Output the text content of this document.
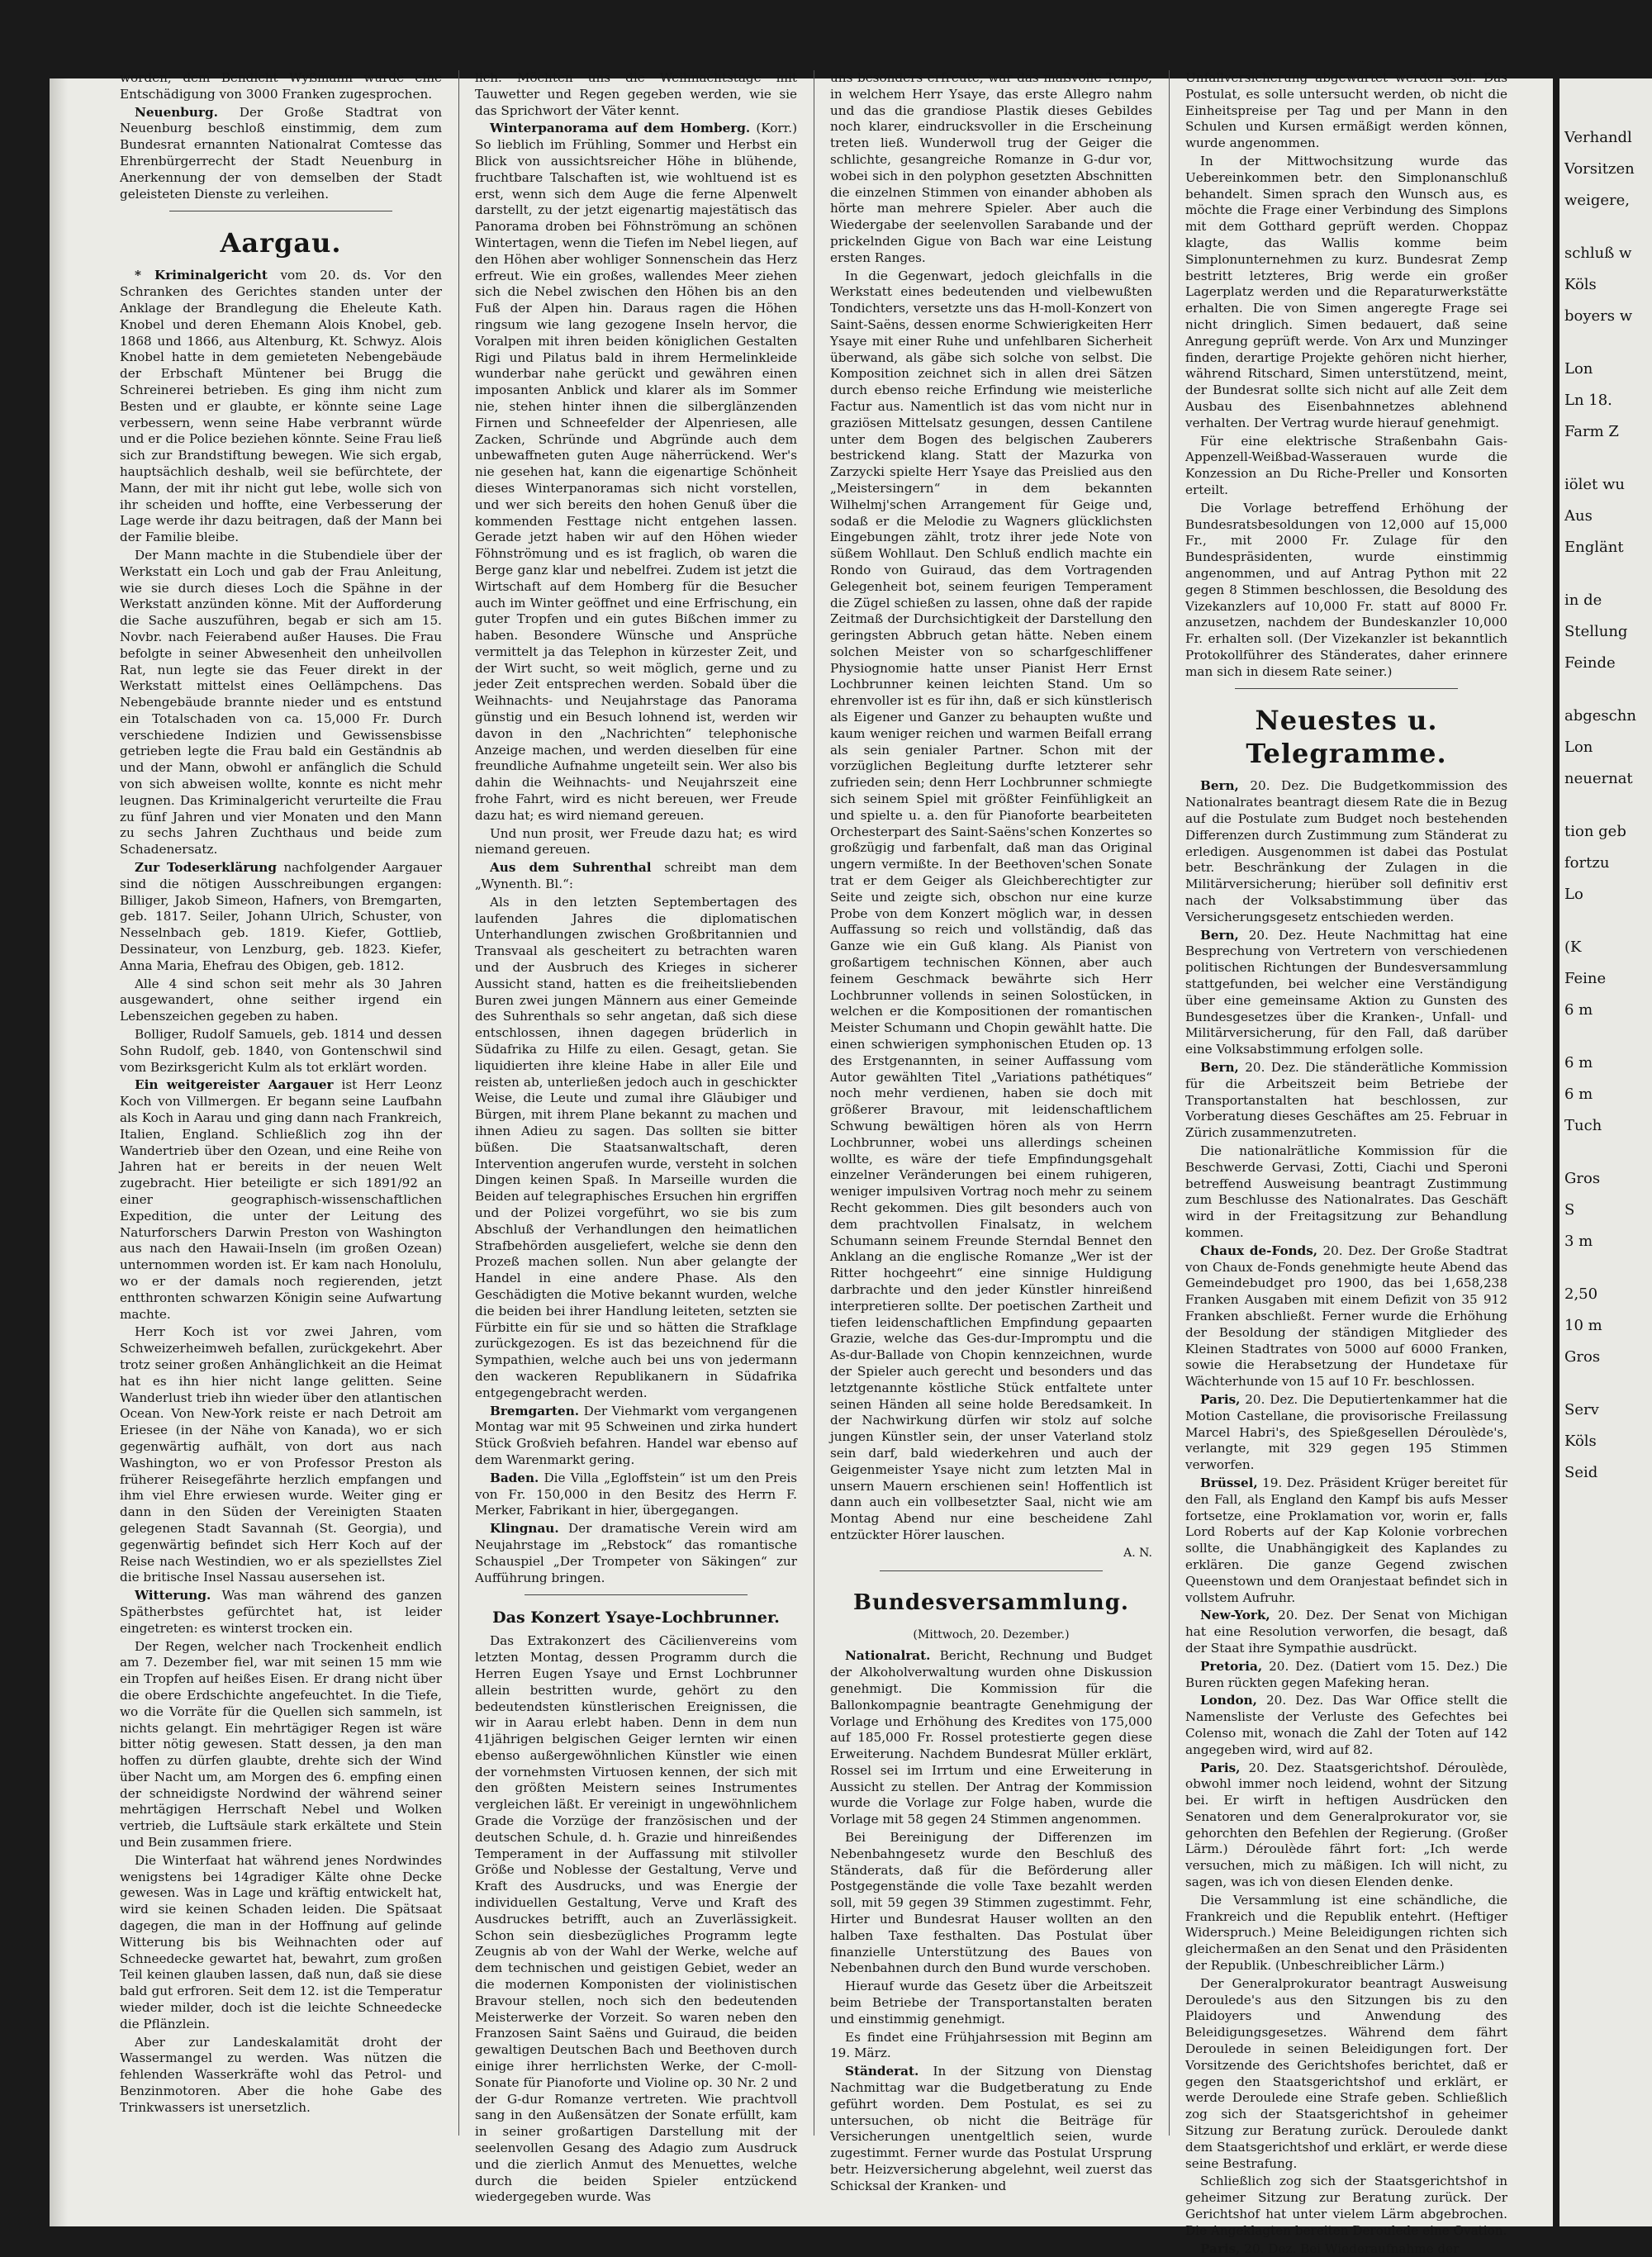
worden; dem Bendicht Wyßmann wurde eine Entschädigung von 3000 Franken zugesprochen.

Neuenburg. Der Große Stadtrat von Neuenburg beschloß einstimmig, dem zum Bundesrat ernannten Nationalrat Comtesse das Ehrenbürgerrecht der Stadt Neuenburg in Anerkennung der von demselben der Stadt geleisteten Dienste zu verleihen.

Aargau.

* Kriminalgericht vom 20. ds. Vor den Schranken des Gerichtes standen unter der Anklage der Brandlegung die Eheleute Kath. Knobel und deren Ehemann Alois Knobel, geb. 1868 und 1866, aus Altenburg, Kt. Schwyz. Alois Knobel hatte in dem gemieteten Nebengebäude der Erbschaft Müntener bei Brugg die Schreinerei betrieben. Es ging ihm nicht zum Besten und er glaubte, er könnte seine Lage verbessern, wenn seine Habe verbrannt würde und er die Police beziehen könnte. Seine Frau ließ sich zur Brandstiftung bewegen. Wie sich ergab, hauptsächlich deshalb, weil sie befürchtete, der Mann, der mit ihr nicht gut lebe, wolle sich von ihr scheiden und hoffte, eine Verbesserung der Lage werde ihr dazu beitragen, daß der Mann bei der Familie bleibe.

Der Mann machte in die Stubendiele über der Werkstatt ein Loch und gab der Frau Anleitung, wie sie durch dieses Loch die Spähne in der Werkstatt anzünden könne. Mit der Aufforderung die Sache auszuführen, begab er sich am 15. Novbr. nach Feierabend außer Hauses. Die Frau befolgte in seiner Abwesenheit den unheilvollen Rat, nun legte sie das Feuer direkt in der Werkstatt mittelst eines Oellämpchens. Das Nebengebäude brannte nieder und es entstund ein Totalschaden von ca. 15,000 Fr. Durch verschiedene Indizien und Gewissensbisse getrieben legte die Frau bald ein Geständnis ab und der Mann, obwohl er anfänglich die Schuld von sich abweisen wollte, konnte es nicht mehr leugnen. Das Kriminalgericht verurteilte die Frau zu fünf Jahren und vier Monaten und den Mann zu sechs Jahren Zuchthaus und beide zum Schadenersatz.

Zur Todeserklärung nachfolgender Aargauer sind die nötigen Ausschreibungen ergangen: Billiger, Jakob Simeon, Hafners, von Bremgarten, geb. 1817. Seiler, Johann Ulrich, Schuster, von Nesselnbach geb. 1819. Kiefer, Gottlieb, Dessinateur, von Lenzburg, geb. 1823. Kiefer, Anna Maria, Ehefrau des Obigen, geb. 1812.

Alle 4 sind schon seit mehr als 30 Jahren ausgewandert, ohne seither irgend ein Lebenszeichen gegeben zu haben.

Bolliger, Rudolf Samuels, geb. 1814 und dessen Sohn Rudolf, geb. 1840, von Gontenschwil sind vom Bezirksgericht Kulm als tot erklärt worden.

Ein weitgereister Aargauer ist Herr Leonz Koch von Villmergen. Er begann seine Laufbahn als Koch in Aarau und ging dann nach Frankreich, Italien, England. Schließlich zog ihn der Wandertrieb über den Ozean, und eine Reihe von Jahren hat er bereits in der neuen Welt zugebracht. Hier beteiligte er sich 1891/92 an einer geographisch-wissenschaftlichen Expedition, die unter der Leitung des Naturforschers Darwin Preston von Washington aus nach den Hawaii-Inseln (im großen Ozean) unternommen worden ist. Er kam nach Honolulu, wo er der damals noch regierenden, jetzt entthronten schwarzen Königin seine Aufwartung machte.

Herr Koch ist vor zwei Jahren, vom Schweizerheimweh befallen, zurückgekehrt. Aber trotz seiner großen Anhänglichkeit an die Heimat hat es ihn hier nicht lange gelitten. Seine Wanderlust trieb ihn wieder über den atlantischen Ocean. Von New-York reiste er nach Detroit am Eriesee (in der Nähe von Kanada), wo er sich gegenwärtig aufhält, von dort aus nach Washington, wo er von Professor Preston als früherer Reisegefährte herzlich empfangen und ihm viel Ehre erwiesen wurde. Weiter ging er dann in den Süden der Vereinigten Staaten gelegenen Stadt Savannah (St. Georgia), und gegenwärtig befindet sich Herr Koch auf der Reise nach Westindien, wo er als speziellstes Ziel die britische Insel Nassau ausersehen ist.

Witterung. Was man während des ganzen Spätherbstes gefürchtet hat, ist leider eingetreten: es winterst trocken ein.

Der Regen, welcher nach Trockenheit endlich am 7. Dezember fiel, war mit seinen 15 mm wie ein Tropfen auf heißes Eisen. Er drang nicht über die obere Erdschichte angefeuchtet. In die Tiefe, wo die Vorräte für die Quellen sich sammeln, ist nichts gelangt. Ein mehrtägiger Regen ist wäre bitter nötig gewesen. Statt dessen, ja den man hoffen zu dürfen glaubte, drehte sich der Wind über Nacht um, am Morgen des 6. empfing einen der schneidigste Nordwind der während seiner mehrtägigen Herrschaft Nebel und Wolken vertrieb, die Luftsäule stark erkältete und Stein und Bein zusammen friere.

Die Winterfaat hat während jenes Nordwindes wenigstens bei 14gradiger Kälte ohne Decke gewesen. Was in Lage und kräftig entwickelt hat, wird sie keinen Schaden leiden. Die Spätsaat dagegen, die man in der Hoffnung auf gelinde Witterung bis bis Weihnachten oder auf Schneedecke gewartet hat, bewahrt, zum großen Teil keinen glauben lassen, daß nun, daß sie diese bald gut erfroren. Seit dem 12. ist die Temperatur wieder milder, doch ist die leichte Schneedecke die Pflänzlein.

Aber zur Landeskalamität droht der Wassermangel zu werden. Was nützen die fehlenden Wasserkräfte wohl das Petrol- und Benzinmotoren. Aber die hohe Gabe des Trinkwassers ist unersetzlich.

lich. Möchten uns die Weihnachtstage mit Tauwetter und Regen gegeben werden, wie sie das Sprichwort der Väter kennt.

Winterpanorama auf dem Homberg. (Korr.) So lieblich im Frühling, Sommer und Herbst ein Blick von aussichtsreicher Höhe in blühende, fruchtbare Talschaften ist, wie wohltuend ist es erst, wenn sich dem Auge die ferne Alpenwelt darstellt, zu der jetzt eigenartig majestätisch das Panorama droben bei Föhnströmung an schönen Wintertagen, wenn die Tiefen im Nebel liegen, auf den Höhen aber wohliger Sonnenschein das Herz erfreut. Wie ein großes, wallendes Meer ziehen sich die Nebel zwischen den Höhen bis an den Fuß der Alpen hin. Daraus ragen die Höhen ringsum wie lang gezogene Inseln hervor, die Voralpen mit ihren beiden königlichen Gestalten Rigi und Pilatus bald in ihrem Hermelinkleide wunderbar nahe gerückt und gewähren einen imposanten Anblick und klarer als im Sommer nie, stehen hinter ihnen die silberglänzenden Firnen und Schneefelder der Alpenriesen, alle Zacken, Schründe und Abgründe auch dem unbewaffneten guten Auge näherrückend. Wer's nie gesehen hat, kann die eigenartige Schönheit dieses Winterpanoramas sich nicht vorstellen, und wer sich bereits den hohen Genuß über die kommenden Festtage nicht entgehen lassen. Gerade jetzt haben wir auf den Höhen wieder Föhnströmung und es ist fraglich, ob waren die Berge ganz klar und nebelfrei. Zudem ist jetzt die Wirtschaft auf dem Homberg für die Besucher auch im Winter geöffnet und eine Erfrischung, ein guter Tropfen und ein gutes Bißchen immer zu haben. Besondere Wünsche und Ansprüche vermittelt ja das Telephon in kürzester Zeit, und der Wirt sucht, so weit möglich, gerne und zu jeder Zeit entsprechen werden. Sobald über die Weihnachts- und Neujahrstage das Panorama günstig und ein Besuch lohnend ist, werden wir davon in den „Nachrichten“ telephonische Anzeige machen, und werden dieselben für eine freundliche Aufnahme ungeteilt sein. Wer also bis dahin die Weihnachts- und Neujahrszeit eine frohe Fahrt, wird es nicht bereuen, wer Freude dazu hat; es wird niemand gereuen.

Und nun prosit, wer Freude dazu hat; es wird niemand gereuen.

Aus dem Suhrenthal schreibt man dem „Wynenth. Bl.“:

Als in den letzten Septembertagen des laufenden Jahres die diplomatischen Unterhandlungen zwischen Großbritannien und Transvaal als gescheitert zu betrachten waren und der Ausbruch des Krieges in sicherer Aussicht stand, hatten es die freiheitsliebenden Buren zwei jungen Männern aus einer Gemeinde des Suhrenthals so sehr angetan, daß sich diese entschlossen, ihnen dagegen brüderlich in Südafrika zu Hilfe zu eilen. Gesagt, getan. Sie liquidierten ihre kleine Habe in aller Eile und reisten ab, unterließen jedoch auch in geschickter Weise, die Leute und zumal ihre Gläubiger und Bürgen, mit ihrem Plane bekannt zu machen und ihnen Adieu zu sagen. Das sollten sie bitter büßen. Die Staatsanwaltschaft, deren Intervention angerufen wurde, versteht in solchen Dingen keinen Spaß. In Marseille wurden die Beiden auf telegraphisches Ersuchen hin ergriffen und der Polizei vorgeführt, wo sie bis zum Abschluß der Verhandlungen den heimatlichen Strafbehörden ausgeliefert, welche sie denn den Prozeß machen sollen. Nun aber gelangte der Handel in eine andere Phase. Als den Geschädigten die Motive bekannt wurden, welche die beiden bei ihrer Handlung leiteten, setzten sie Fürbitte ein für sie und so hätten die Strafklage zurückgezogen. Es ist das bezeichnend für die Sympathien, welche auch bei uns von jedermann den wackeren Republikanern in Südafrika entgegengebracht werden.

Bremgarten. Der Viehmarkt vom vergangenen Montag war mit 95 Schweinen und zirka hundert Stück Großvieh befahren. Handel war ebenso auf dem Warenmarkt gering.

Baden. Die Villa „Egloffstein“ ist um den Preis von Fr. 150,000 in den Besitz des Herrn F. Merker, Fabrikant in hier, übergegangen.

Klingnau. Der dramatische Verein wird am Neujahrstage im „Rebstock“ das romantische Schauspiel „Der Trompeter von Säkingen“ zur Aufführung bringen.

Das Konzert Ysaye-Lochbrunner.

Das Extrakonzert des Cäcilienvereins vom letzten Montag, dessen Programm durch die Herren Eugen Ysaye und Ernst Lochbrunner allein bestritten wurde, gehört zu den bedeutendsten künstlerischen Ereignissen, die wir in Aarau erlebt haben. Denn in dem nun 41jährigen belgischen Geiger lernten wir einen ebenso außergewöhnlichen Künstler wie einen der vornehmsten Virtuosen kennen, der sich mit den größten Meistern seines Instrumentes vergleichen läßt. Er vereinigt in ungewöhnlichem Grade die Vorzüge der französischen und der deutschen Schule, d. h. Grazie und hinreißendes Temperament in der Auffassung mit stilvoller Größe und Noblesse der Gestaltung, Verve und Kraft des Ausdrucks, und was Energie der individuellen Gestaltung, Verve und Kraft des Ausdruckes betrifft, auch an Zuverlässigkeit. Schon sein diesbezügliches Programm legte Zeugnis ab von der Wahl der Werke, welche auf dem technischen und geistigen Gebiet, weder an die modernen Komponisten der violinistischen Bravour stellen, noch sich den bedeutenden Meisterwerke der Vorzeit. So waren neben den Franzosen Saint Saëns und Guiraud, die beiden gewaltigen Deutschen Bach und Beethoven durch einige ihrer herrlichsten Werke, der C-moll-Sonate für Pianoforte und Violine op. 30 Nr. 2 und der G-dur Romanze vertreten. Wie prachtvoll sang in den Außensätzen der Sonate erfüllt, kam in seiner großartigen Darstellung mit der seelenvollen Gesang des Adagio zum Ausdruck und die zierlich Anmut des Menuettes, welche durch die beiden Spieler entzückend wiedergegeben wurde. Was

uns besonders erfreute, war das maßvolle Tempo, in welchem Herr Ysaye, das erste Allegro nahm und das die grandiose Plastik dieses Gebildes noch klarer, eindrucksvoller in die Erscheinung treten ließ. Wunderwoll trug der Geiger die schlichte, gesangreiche Romanze in G-dur vor, wobei sich in den polyphon gesetzten Abschnitten die einzelnen Stimmen von einander abhoben als hörte man mehrere Spieler. Aber auch die Wiedergabe der seelenvollen Sarabande und der prickelnden Gigue von Bach war eine Leistung ersten Ranges.

In die Gegenwart, jedoch gleichfalls in die Werkstatt eines bedeutenden und vielbewußten Tondichters, versetzte uns das H-moll-Konzert von Saint-Saëns, dessen enorme Schwierigkeiten Herr Ysaye mit einer Ruhe und unfehlbaren Sicherheit überwand, als gäbe sich solche von selbst. Die Komposition zeichnet sich in allen drei Sätzen durch ebenso reiche Erfindung wie meisterliche Factur aus. Namentlich ist das vom nicht nur in graziösen Mittelsatz gesungen, dessen Cantilene unter dem Bogen des belgischen Zauberers bestrickend klang. Statt der Mazurka von Zarzycki spielte Herr Ysaye das Preislied aus den „Meistersingern“ in dem bekannten Wilhelmj'schen Arrangement für Geige und, sodaß er die Melodie zu Wagners glücklichsten Eingebungen zählt, trotz ihrer jede Note von süßem Wohllaut. Den Schluß endlich machte ein Rondo von Guiraud, das dem Vortragenden Gelegenheit bot, seinem feurigen Temperament die Zügel schießen zu lassen, ohne daß der rapide Zeitmaß der Durchsichtigkeit der Darstellung den geringsten Abbruch getan hätte. Neben einem solchen Meister von so scharfgeschliffener Physiognomie hatte unser Pianist Herr Ernst Lochbrunner keinen leichten Stand. Um so ehrenvoller ist es für ihn, daß er sich künstlerisch als Eigener und Ganzer zu behaupten wußte und kaum weniger reichen und warmen Beifall errang als sein genialer Partner. Schon mit der vorzüglichen Begleitung durfte letzterer sehr zufrieden sein; denn Herr Lochbrunner schmiegte sich seinem Spiel mit größter Feinfühligkeit an und spielte u. a. den für Pianoforte bearbeiteten Orchesterpart des Saint-Saëns'schen Konzertes so großzügig und farbenfalt, daß man das Original ungern vermißte. In der Beethoven'schen Sonate trat er dem Geiger als Gleichberechtigter zur Seite und zeigte sich, obschon nur eine kurze Probe von dem Konzert möglich war, in dessen Auffassung so reich und vollständig, daß das Ganze wie ein Guß klang. Als Pianist von großartigem technischen Können, aber auch feinem Geschmack bewährte sich Herr Lochbrunner vollends in seinen Solostücken, in welchen er die Kompositionen der romantischen Meister Schumann und Chopin gewählt hatte. Die einen schwierigen symphonischen Etuden op. 13 des Erstgenannten, in seiner Auffassung vom Autor gewählten Titel „Variations pathétiques“ noch mehr verdienen, haben sie doch mit größerer Bravour, mit leidenschaftlichem Schwung bewältigen hören als von Herrn Lochbrunner, wobei uns allerdings scheinen wollte, es wäre der tiefe Empfindungsgehalt einzelner Veränderungen bei einem ruhigeren, weniger impulsiven Vortrag noch mehr zu seinem Recht gekommen. Dies gilt besonders auch von dem prachtvollen Finalsatz, in welchem Schumann seinem Freunde Sterndal Bennet den Anklang an die englische Romanze „Wer ist der Ritter hochgeehrt“ eine sinnige Huldigung darbrachte und den jeder Künstler hinreißend interpretieren sollte. Der poetischen Zartheit und tiefen leidenschaftlichen Empfindung gepaarten Grazie, welche das Ges-dur-Impromptu und die As-dur-Ballade von Chopin kennzeichnen, wurde der Spieler auch gerecht und besonders und das letztgenannte köstliche Stück entfaltete unter seinen Händen all seine holde Beredsamkeit. In der Nachwirkung dürfen wir stolz auf solche jungen Künstler sein, der unser Vaterland stolz sein darf, bald wiederkehren und auch der Geigenmeister Ysaye nicht zum letzten Mal in unsern Mauern erschienen sein! Hoffentlich ist dann auch ein vollbesetzter Saal, nicht wie am Montag Abend nur eine bescheidene Zahl entzückter Hörer lauschen.

A. N.
Bundesversammlung.
(Mittwoch, 20. Dezember.)

Nationalrat. Bericht, Rechnung und Budget der Alkoholverwaltung wurden ohne Diskussion genehmigt. Die Kommission für die Ballonkompagnie beantragte Genehmigung der Vorlage und Erhöhung des Kredites von 175,000 auf 185,000 Fr. Rossel protestierte gegen diese Erweiterung. Nachdem Bundesrat Müller erklärt, Rossel sei im Irrtum und eine Erweiterung in Aussicht zu stellen. Der Antrag der Kommission wurde die Vorlage zur Folge haben, wurde die Vorlage mit 58 gegen 24 Stimmen angenommen.

Bei Bereinigung der Differenzen im Nebenbahngesetz wurde den Beschluß des Ständerats, daß für die Beförderung aller Postgegenstände die volle Taxe bezahlt werden soll, mit 59 gegen 39 Stimmen zugestimmt. Fehr, Hirter und Bundesrat Hauser wollten an den halben Taxe festhalten. Das Postulat über finanzielle Unterstützung des Baues von Nebenbahnen durch den Bund wurde verschoben.

Hierauf wurde das Gesetz über die Arbeitszeit beim Betriebe der Transportanstalten beraten und einstimmig genehmigt.

Es findet eine Frühjahrsession mit Beginn am 19. März.

Ständerat. In der Sitzung von Dienstag Nachmittag war die Budgetberatung zu Ende geführt worden. Dem Postulat, es sei zu untersuchen, ob nicht die Beiträge für Versicherungen unentgeltlich seien, wurde zugestimmt. Ferner wurde das Postulat Ursprung betr. Heizversicherung abgelehnt, weil zuerst das Schicksal der Kranken- und

Unfallversicherung abgewartet werden soll. Das Postulat, es solle untersucht werden, ob nicht die Einheitspreise per Tag und per Mann in den Schulen und Kursen ermäßigt werden können, wurde angenommen.

In der Mittwochsitzung wurde das Uebereinkommen betr. den Simplonanschluß behandelt. Simen sprach den Wunsch aus, es möchte die Frage einer Verbindung des Simplons mit dem Gotthard geprüft werden. Choppaz klagte, das Wallis komme beim Simplonunternehmen zu kurz. Bundesrat Zemp bestritt letzteres, Brig werde ein großer Lagerplatz werden und die Reparaturwerkstätte erhalten. Die von Simen angeregte Frage sei nicht dringlich. Simen bedauert, daß seine Anregung geprüft werde. Von Arx und Munzinger finden, derartige Projekte gehören nicht hierher, während Ritschard, Simen unterstützend, meint, der Bundesrat sollte sich nicht auf alle Zeit dem Ausbau des Eisenbahnnetzes ablehnend verhalten. Der Vertrag wurde hierauf genehmigt.

Für eine elektrische Straßenbahn Gais-Appenzell-Weißbad-Wasserauen wurde die Konzession an Du Riche-Preller und Konsorten erteilt.

Die Vorlage betreffend Erhöhung der Bundesratsbesoldungen von 12,000 auf 15,000 Fr., mit 2000 Fr. Zulage für den Bundespräsidenten, wurde einstimmig angenommen, und auf Antrag Python mit 22 gegen 8 Stimmen beschlossen, die Besoldung des Vizekanzlers auf 10,000 Fr. statt auf 8000 Fr. anzusetzen, nachdem der Bundeskanzler 10,000 Fr. erhalten soll. (Der Vizekanzler ist bekanntlich Protokollführer des Ständerates, daher erinnere man sich in diesem Rate seiner.)

Neuestes u. Telegramme.

Bern, 20. Dez. Die Budgetkommission des Nationalrates beantragt diesem Rate die in Bezug auf die Postulate zum Budget noch bestehenden Differenzen durch Zustimmung zum Ständerat zu erledigen. Ausgenommen ist dabei das Postulat betr. Beschränkung der Zulagen in die Militärversicherung; hierüber soll definitiv erst nach der Volksabstimmung über das Versicherungsgesetz entschieden werden.

Bern, 20. Dez. Heute Nachmittag hat eine Besprechung von Vertretern von verschiedenen politischen Richtungen der Bundesversammlung stattgefunden, bei welcher eine Verständigung über eine gemeinsame Aktion zu Gunsten des Bundesgesetzes über die Kranken-, Unfall- und Militärversicherung, für den Fall, daß darüber eine Volksabstimmung erfolgen solle.

Bern, 20. Dez. Die ständerätliche Kommission für die Arbeitszeit beim Betriebe der Transportanstalten hat beschlossen, zur Vorberatung dieses Geschäftes am 25. Februar in Zürich zusammenzutreten.

Die nationalrätliche Kommission für die Beschwerde Gervasi, Zotti, Ciachi und Speroni betreffend Ausweisung beantragt Zustimmung zum Beschlusse des Nationalrates. Das Geschäft wird in der Freitagsitzung zur Behandlung kommen.

Chaux de-Fonds, 20. Dez. Der Große Stadtrat von Chaux de-Fonds genehmigte heute Abend das Gemeindebudget pro 1900, das bei 1,658,238 Franken Ausgaben mit einem Defizit von 35 912 Franken abschließt. Ferner wurde die Erhöhung der Besoldung der ständigen Mitglieder des Kleinen Stadtrates von 5000 auf 6000 Franken, sowie die Herabsetzung der Hundetaxe für Wächterhunde von 15 auf 10 Fr. beschlossen.

Paris, 20. Dez. Die Deputiertenkammer hat die Motion Castellane, die provisorische Freilassung Marcel Habri's, des Spießgesellen Déroulède's, verlangte, mit 329 gegen 195 Stimmen verworfen.

Brüssel, 19. Dez. Präsident Krüger bereitet für den Fall, als England den Kampf bis aufs Messer fortsetze, eine Proklamation vor, worin er, falls Lord Roberts auf der Kap Kolonie vorbrechen sollte, die Unabhängigkeit des Kaplandes zu erklären. Die ganze Gegend zwischen Queenstown und dem Oranjestaat befindet sich in vollstem Aufruhr.

New-York, 20. Dez. Der Senat von Michigan hat eine Resolution verworfen, die besagt, daß der Staat ihre Sympathie ausdrückt.

Pretoria, 20. Dez. (Datiert vom 15. Dez.) Die Buren rückten gegen Mafeking heran.

London, 20. Dez. Das War Office stellt die Namensliste der Verluste des Gefechtes bei Colenso mit, wonach die Zahl der Toten auf 142 angegeben wird, wird auf 82.

Paris, 20. Dez. Staatsgerichtshof. Déroulède, obwohl immer noch leidend, wohnt der Sitzung bei. Er wirft in heftigen Ausdrücken den Senatoren und dem Generalprokurator vor, sie gehorchten den Befehlen der Regierung. (Großer Lärm.) Déroulède fährt fort: „Ich werde versuchen, mich zu mäßigen. Ich will nicht, zu sagen, was ich von diesen Elenden denke.

Die Versammlung ist eine schändliche, die Frankreich und die Republik entehrt. (Heftiger Widerspruch.) Meine Beleidigungen richten sich gleichermaßen an den Senat und den Präsidenten der Republik. (Unbeschreiblicher Lärm.)

Der Generalprokurator beantragt Ausweisung Deroulede's aus den Sitzungen bis zu den Plaidoyers und Anwendung des Beleidigungsgesetzes. Während dem fährt Deroulede in seinen Beleidigungen fort. Der Vorsitzende des Gerichtshofes berichtet, daß er gegen den Staatsgerichtshof und erklärt, er werde Deroulede eine Strafe geben. Schließlich zog sich der Staatsgerichtshof in geheimer Sitzung zur Beratung zurück. Deroulede dankt dem Staatsgerichtshof und erklärt, er werde diese seine Bestrafung.

Schließlich zog sich der Staatsgerichtshof in geheimer Sitzung zur Beratung zurück. Der Gerichtshof hat unter vielem Lärm abgebrochen. Die Angeklagten bereiten Deroulede eine Ovation.

Paris, 20. Dez. Bei Wiederaufnahme der

Verhandl
Vorsitzen
weigere,
schluß w
Köls
boyers w
Lon
Ln 18.
Farm Z
iölet wu
Aus
Englänt
in de
Stellung
Feinde
abgeschn
Lon
neuernat
tion geb
fortzu
Lo
(K
Feine
6 m
6 m
6 m
Tuch
Gros
S
3 m
2,50
10 m
Gros
Serv
Köls
Seid
